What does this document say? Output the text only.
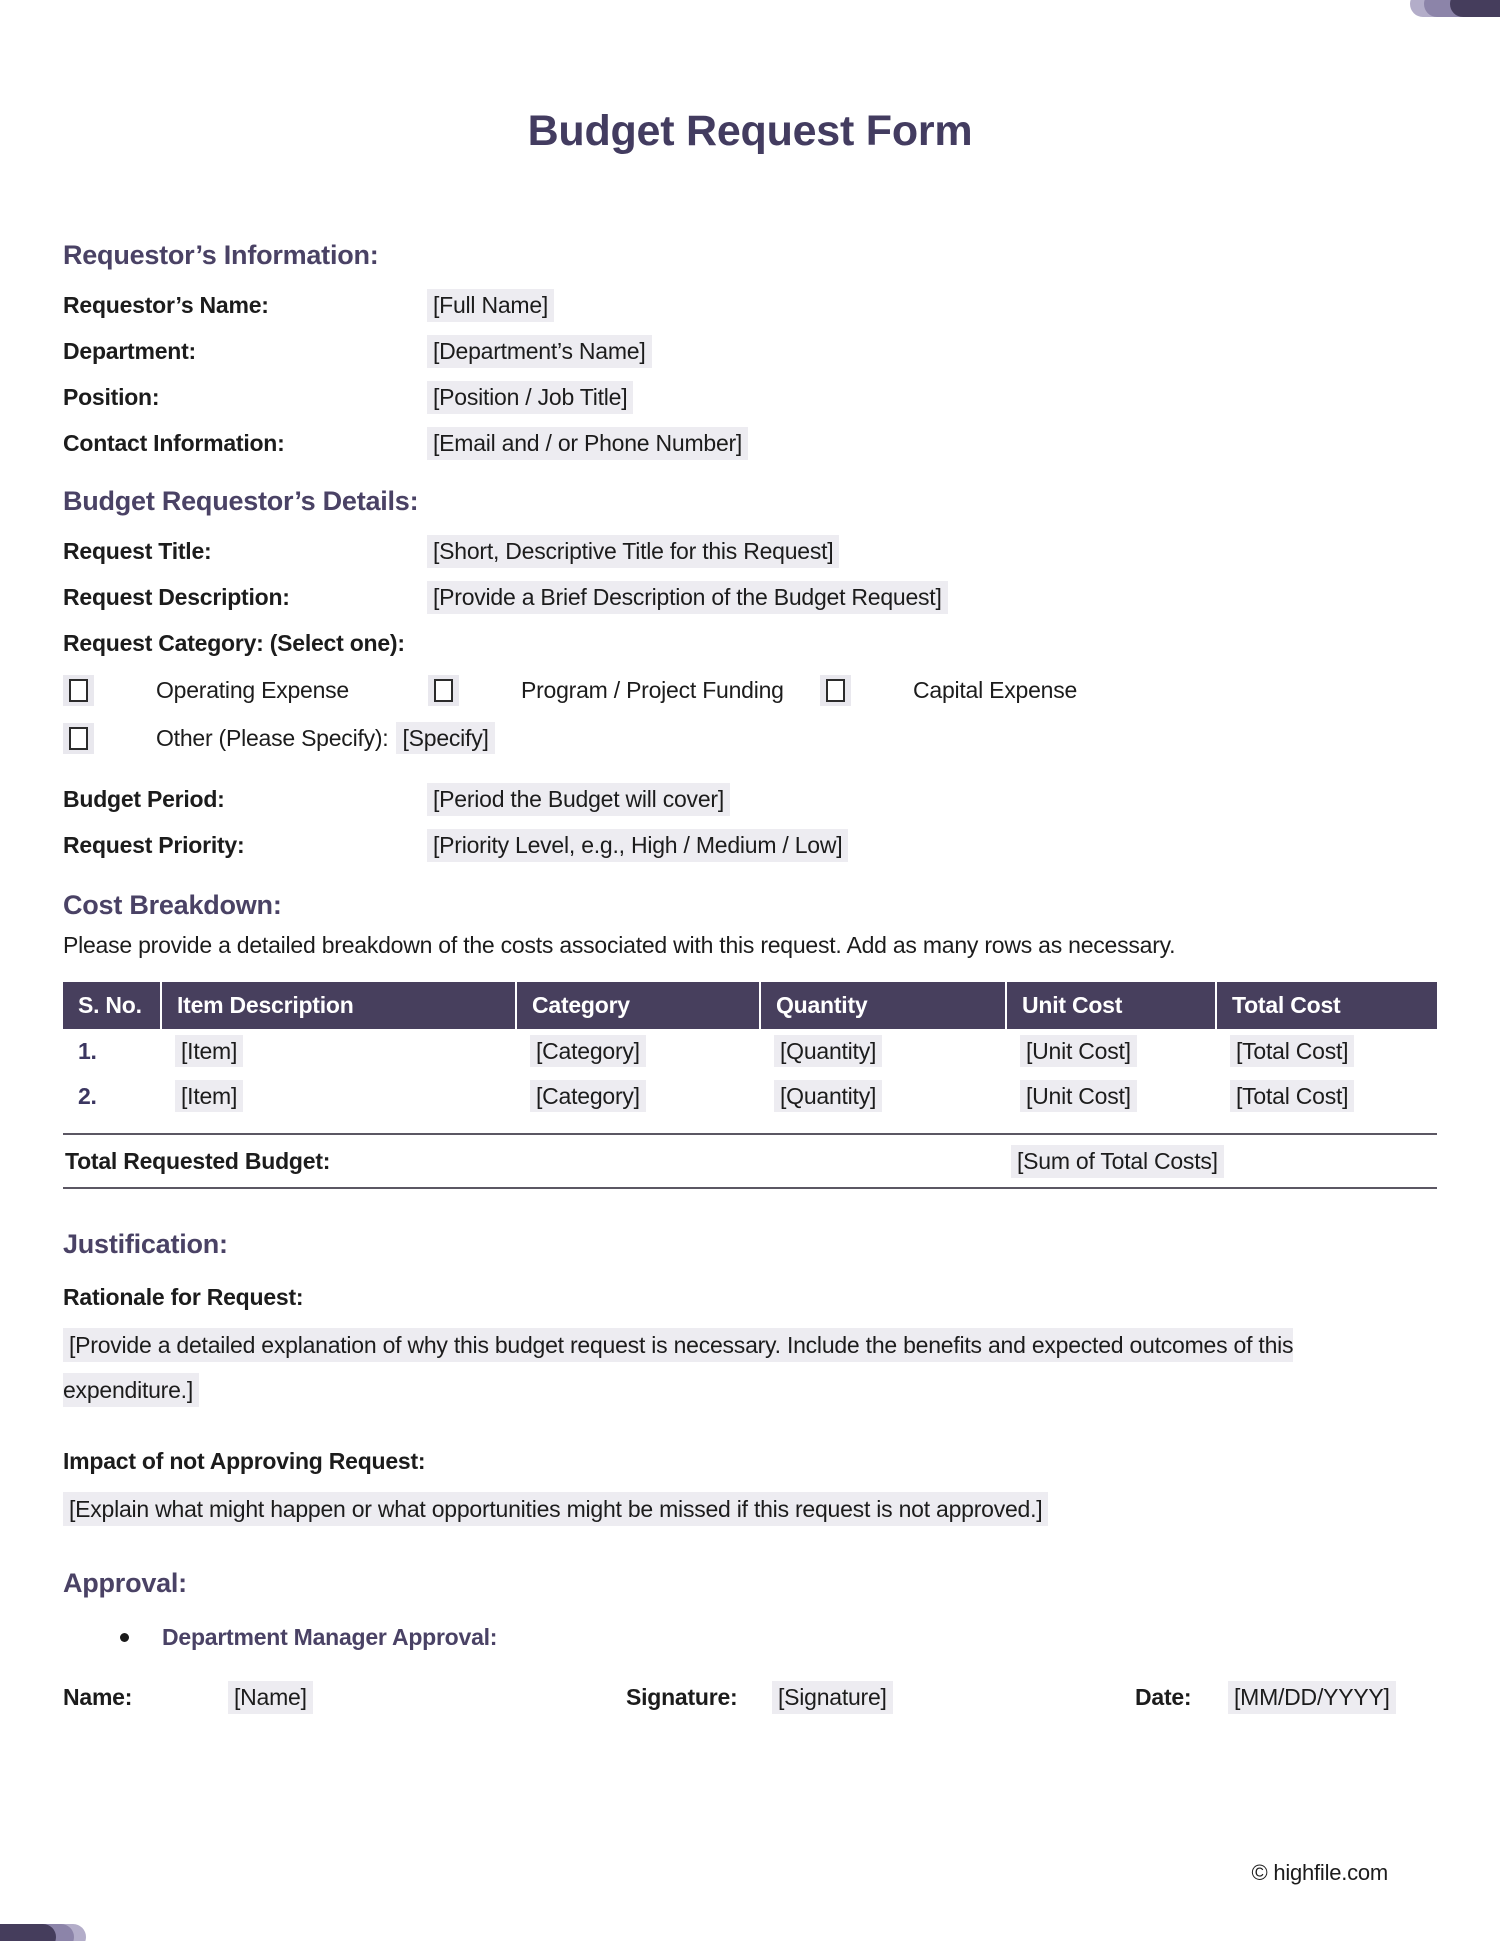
Budget Request Form
Requestor’s Information:
Requestor’s Name:	[Full Name]
Department:	[Department’s Name]
Position:	[Position / Job Title]
Contact Information:	[Email and / or Phone Number]
Budget Requestor’s Details:
Request Title:	[Short, Descriptive Title for this Request]
Request Description:	[Provide a Brief Description of the Budget Request]
Request Category: (Select one):
Operating Expense	Program / Project Funding	Capital Expense
Other (Please Specify): [Specify]
Budget Period:	[Period the Budget will cover]
Request Priority:	[Priority Level, e.g., High / Medium / Low]
Cost Breakdown:

Please provide a detailed breakdown of the costs associated with this request. Add as many rows as necessary.

S. No.	Item Description	Category	Quantity	Unit Cost	Total Cost
1.	[Item]	[Category]	[Quantity]	[Unit Cost]	[Total Cost]
2.	[Item]	[Category]	[Quantity]	[Unit Cost]	[Total Cost]
Total Requested Budget:	[Sum of Total Costs]
Justification:
Rationale for Request:

[Provide a detailed explanation of why this budget request is necessary. Include the benefits and expected outcomes of this expenditure.]

Impact of not Approving Request:

[Explain what might happen or what opportunities might be missed if this request is not approved.]

Approval:
Department Manager Approval:
Name:	[Name]	Signature:	[Signature]	Date:	[MM/DD/YYYY]
© highfile.com
